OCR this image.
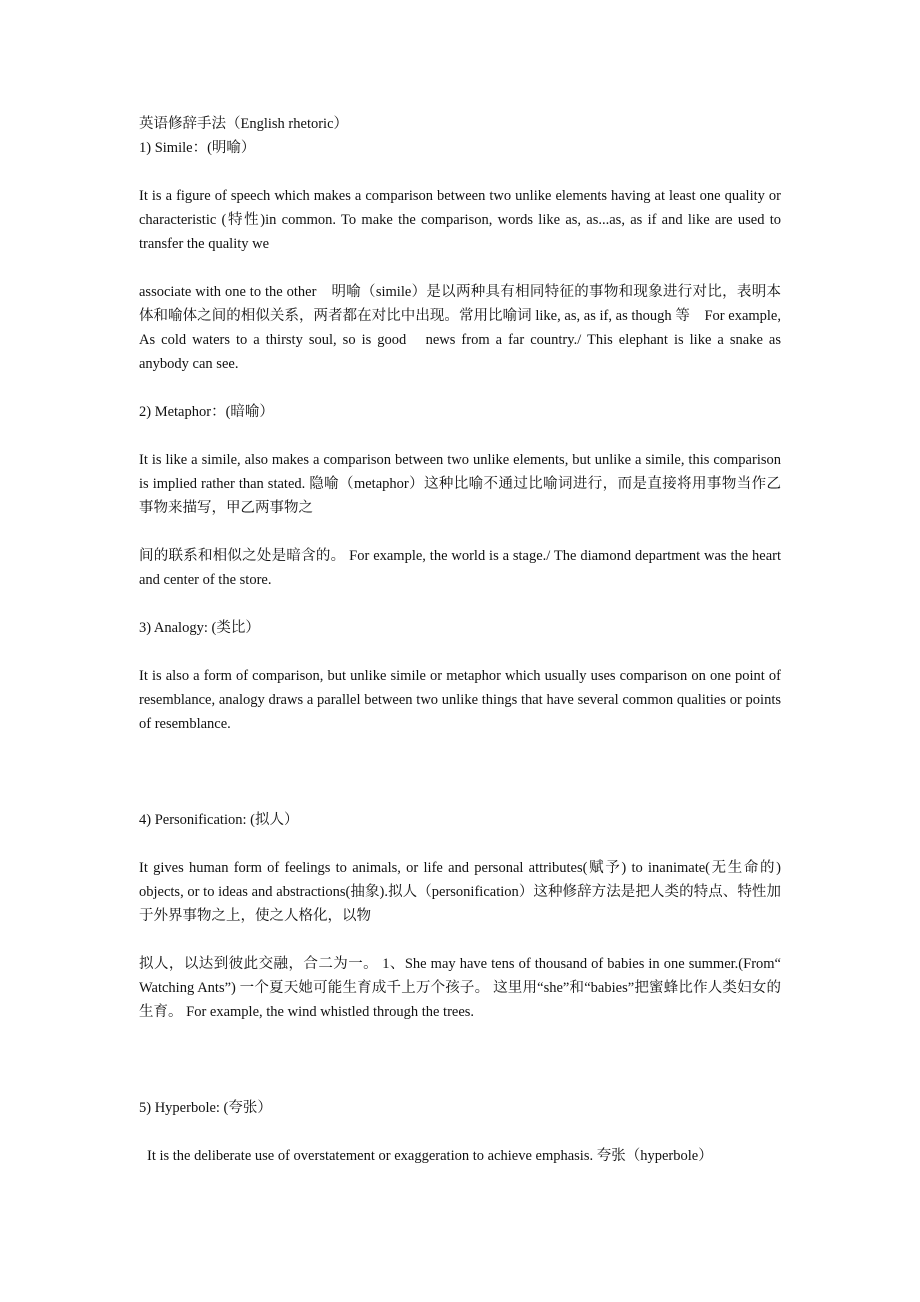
英语修辞手法（English rhetoric）

1) Simile：(明喻）

It is a figure of speech which makes a comparison between two unlike elements having at least one quality or characteristic (特性)in common. To make the comparison, words like as, as...as, as if and like are used to transfer the quality we

associate with one to the other　明喻（simile）是以两种具有相同特征的事物和现象进行对比，表明本体和喻体之间的相似关系，两者都在对比中出现。常用比喻词 like, as, as if, as though 等　For example, As cold waters to a thirsty soul, so is good　news from a far country./ This elephant is like a snake as anybody can see.

2) Metaphor：(暗喻）

It is like a simile, also makes a comparison between two unlike elements, but unlike a simile, this comparison is implied rather than stated. 隐喻（metaphor）这种比喻不通过比喻词进行，而是直接将用事物当作乙事物来描写，甲乙两事物之

间的联系和相似之处是暗含的。 For example, the world is a stage./ The diamond department was the heart and center of the store.

3) Analogy: (类比）

It is also a form of comparison, but unlike simile or metaphor which usually uses comparison on one point of resemblance, analogy draws a parallel between two unlike things that have several common qualities or points of resemblance.

4) Personification: (拟人）

It gives human form of feelings to animals, or life and personal attributes(赋予) to inanimate(无生命的) objects, or to ideas and abstractions(抽象).拟人（personification）这种修辞方法是把人类的特点、特性加于外界事物之上，使之人格化，以物

拟人，以达到彼此交融，合二为一。 1、She may have tens of thousand of babies in one summer.(From“ Watching Ants”) 一个夏天她可能生育成千上万个孩子。 这里用“she”和“babies”把蜜蜂比作人类妇女的生育。 For example, the wind whistled through the trees.

5) Hyperbole: (夸张）

It is the deliberate use of overstatement or exaggeration to achieve emphasis. 夸张（hyperbole）
